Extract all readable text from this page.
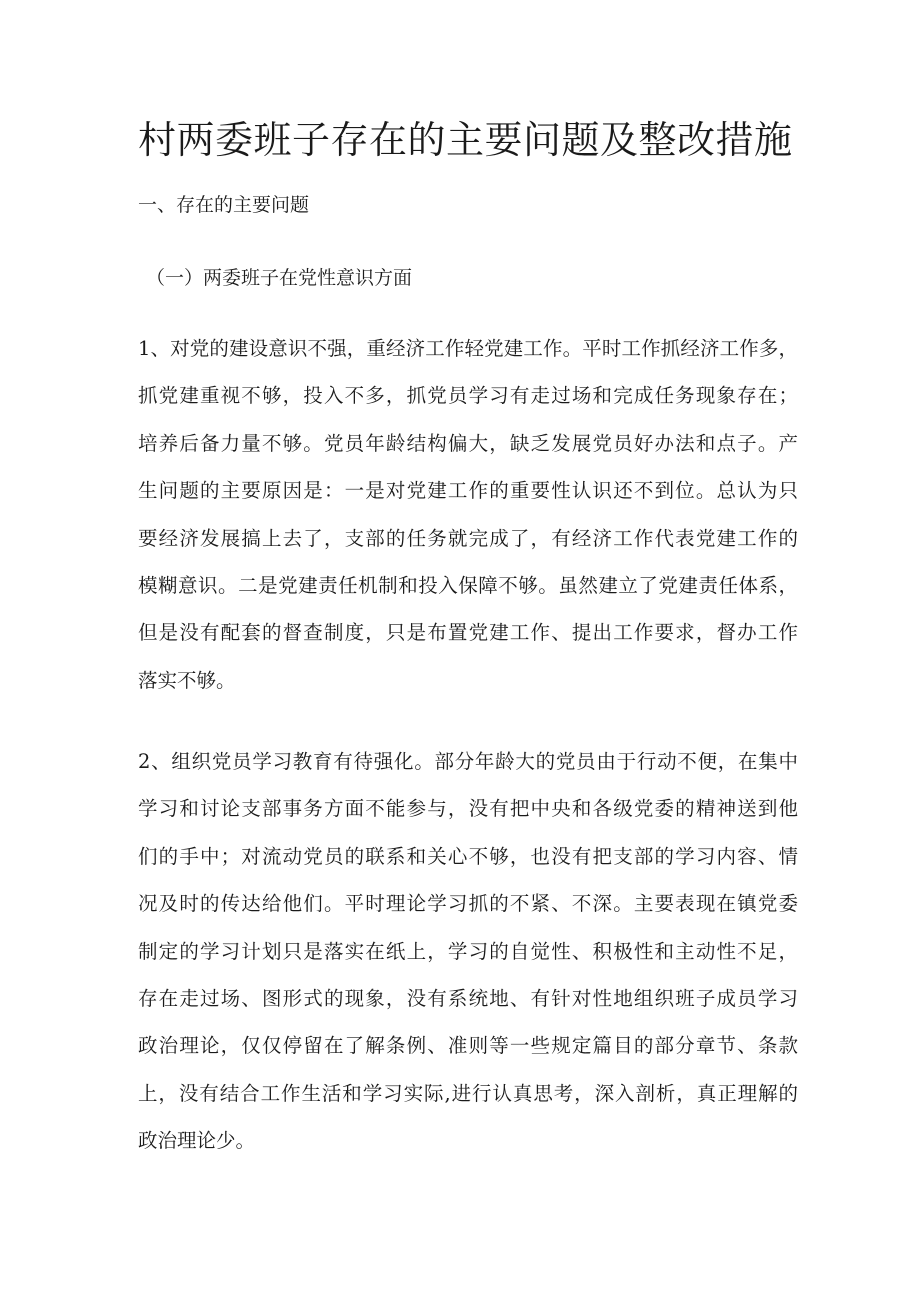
村两委班子存在的主要问题及整改措施
一、存在的主要问题
（一）两委班子在党性意识方面

1、对党的建设意识不强，重经济工作轻党建工作。平时工作抓经济工作多，
抓党建重视不够，投入不多，抓党员学习有走过场和完成任务现象存在；
培养后备力量不够。党员年龄结构偏大，缺乏发展党员好办法和点子。产
生问题的主要原因是：一是对党建工作的重要性认识还不到位。总认为只
要经济发展搞上去了，支部的任务就完成了，有经济工作代表党建工作的
模糊意识。二是党建责任机制和投入保障不够。虽然建立了党建责任体系，
但是没有配套的督查制度，只是布置党建工作、提出工作要求，督办工作
落实不够。

2、组织党员学习教育有待强化。部分年龄大的党员由于行动不便，在集中
学习和讨论支部事务方面不能参与，没有把中央和各级党委的精神送到他
们的手中；对流动党员的联系和关心不够，也没有把支部的学习内容、情
况及时的传达给他们。平时理论学习抓的不紧、不深。主要表现在镇党委
制定的学习计划只是落实在纸上，学习的自觉性、积极性和主动性不足，
存在走过场、图形式的现象，没有系统地、有针对性地组织班子成员学习
政治理论，仅仅停留在了解条例、准则等一些规定篇目的部分章节、条款
上，没有结合工作生活和学习实际,进行认真思考，深入剖析，真正理解的
政治理论少。
